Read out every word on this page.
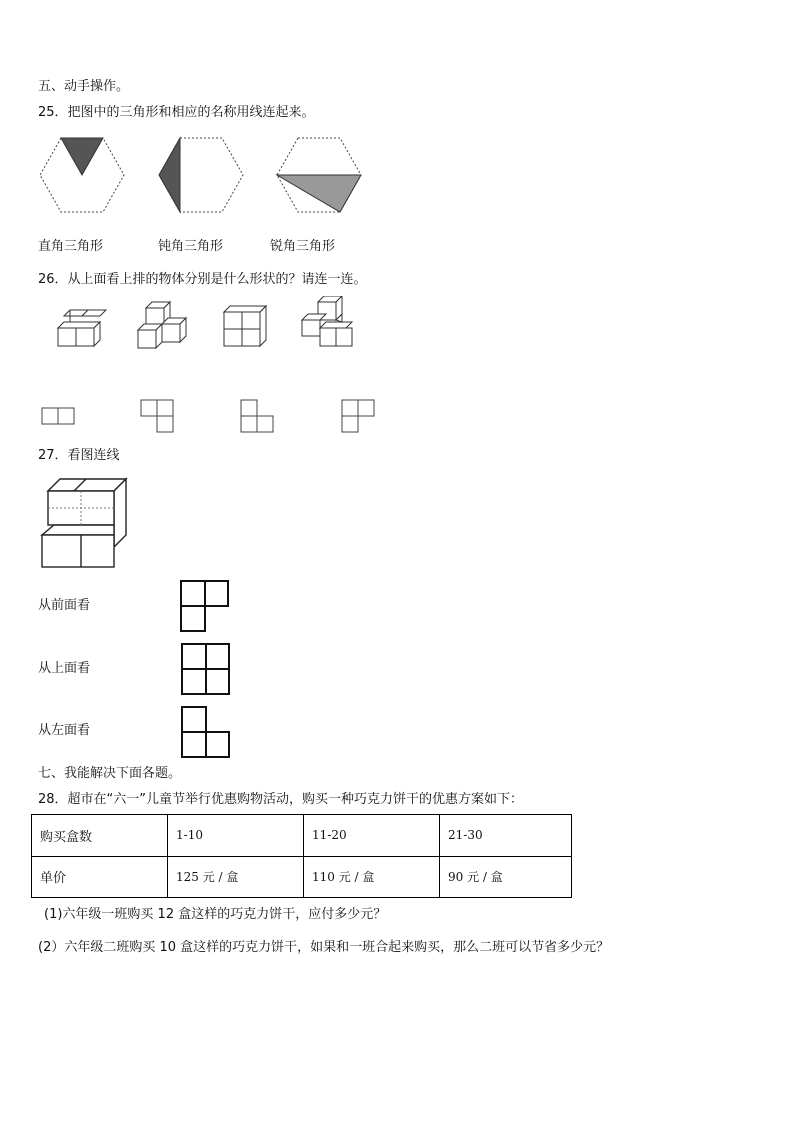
五、动手操作。
25．把图中的三角形和相应的名称用线连起来。
直角三角形	钝角三角形	锐角三角形
26．从上面看上排的物体分别是什么形状的？请连一连。
27．看图连线
从前面看
从上面看
从左面看
七、我能解决下面各题。
28．超市在“六一”儿童节举行优惠购物活动，购买一种巧克力饼干的优惠方案如下：
购买盒数	1-10	11-20	21-30
单价	125 元 / 盒	110 元 / 盒	90 元 / 盒
(1)六年级一班购买 12 盒这样的巧克力饼干，应付多少元？
(2）六年级二班购买 10 盒这样的巧克力饼干，如果和一班合起来购买，那么二班可以节省多少元？
